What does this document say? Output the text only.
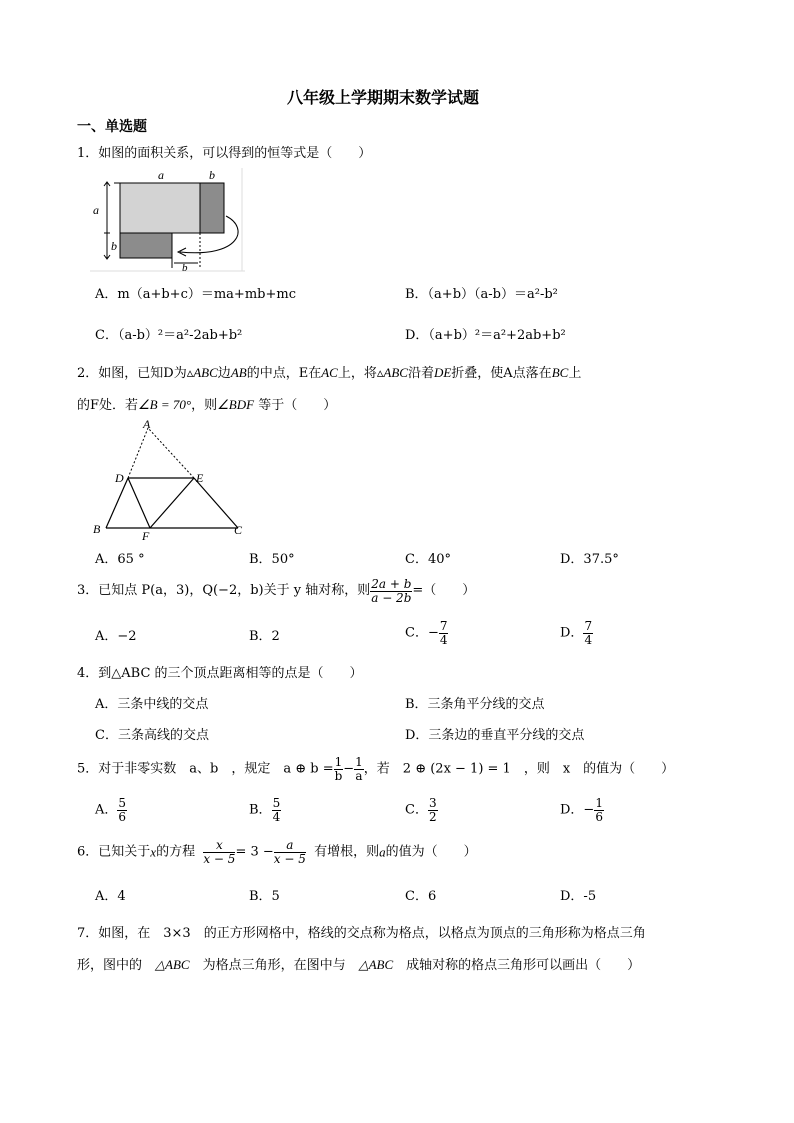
八年级上学期期末数学试题
一、单选题
1．如图的面积关系，可以得到的恒等式是（　　）
a	b
a
b
b
A．m（a+b+c）＝ma+mb+mc	B．（a+b）（a-b）＝a²-b²
C．（a-b）²＝a²-2ab+b²	D．（a+b）²＝a²+2ab+b²
2．如图，已知D为▵ABC边AB的中点，E在AC上，将▵ABC沿着DE折叠，使A点落在BC上
的F处．若∠B = 70°，则∠BDF 等于（　　）
A
D	E
B	F	C
A．65 °	B．50°	C．40°	D．37.5°
3．已知点 P(a，3)，Q(−2，b)关于 y 轴对称，则 $\frac{2a + b}{a - 2b}$ =（　　）
A．−2	B．2	C．− $\frac{7}{4}$	D． $\frac{7}{4}$
4．到△ABC 的三个顶点距离相等的点是（　　）
A．三条中线的交点	B．三条角平分线的交点
C．三条高线的交点	D．三条边的垂直平分线的交点
5．对于非零实数　a、b　，规定　a ⊕ $b = \frac{1}{b} - \frac{1}{a}$ ，若　2 ⊕ (2x − 1) = 1　，则　x　的值为（　　）
A． $\frac{5}{6}$	B． $\frac{5}{4}$	C． $\frac{3}{2}$	D．− $\frac{1}{6}$
6．已知关于x的方程 $\frac{x}{x - 5} = 3 - \frac{a}{x - 5}$ 有增根，则a的值为（　　）
A．4	B．5	C．6	D．-5
7．如图，在　3×3　的正方形网格中，格线的交点称为格点，以格点为顶点的三角形称为格点三角
形，图中的　△ABC　为格点三角形，在图中与　△ABC　成轴对称的格点三角形可以画出（　　）
